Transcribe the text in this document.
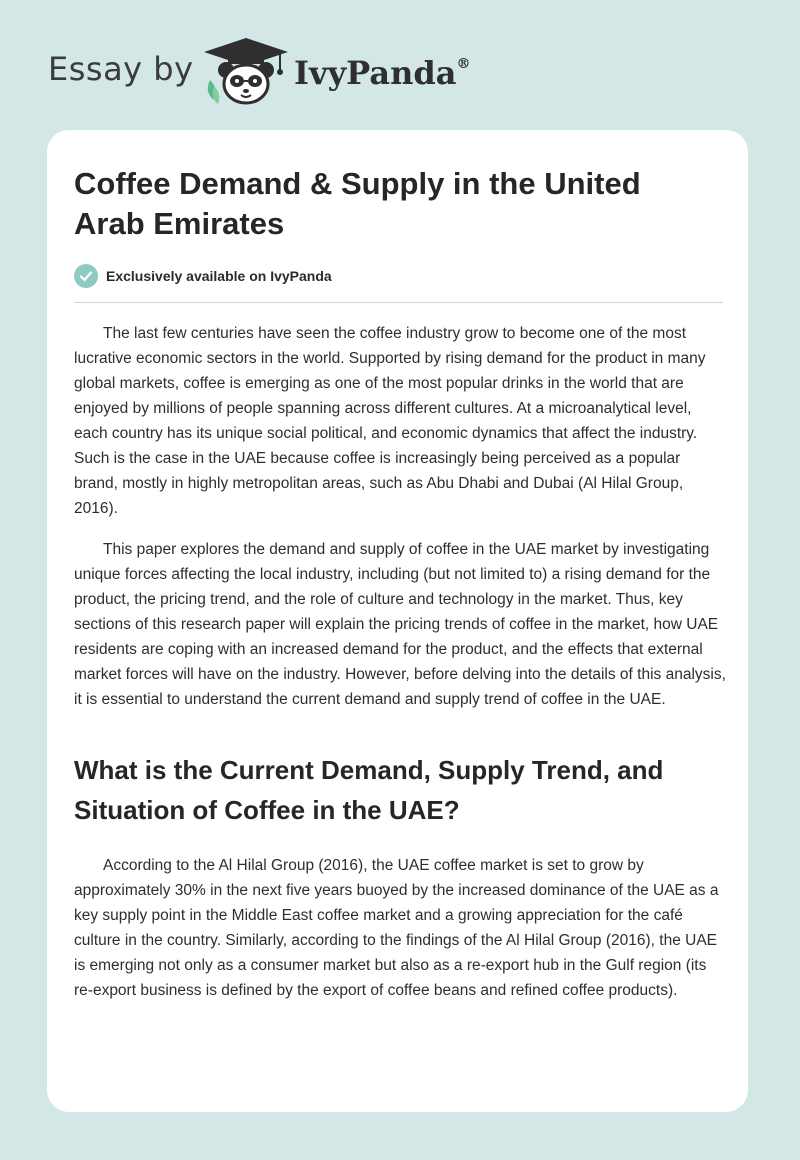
Essay by	IvyPanda®
Coffee Demand & Supply in the United Arab Emirates
Exclusively available on IvyPanda

The last few centuries have seen the coffee industry grow to become one of the most lucrative economic sectors in the world. Supported by rising demand for the product in many global markets, coffee is emerging as one of the most popular drinks in the world that are enjoyed by millions of people spanning across different cultures. At a microanalytical level, each country has its unique social political, and economic dynamics that affect the industry. Such is the case in the UAE because coffee is increasingly being perceived as a popular brand, mostly in highly metropolitan areas, such as Abu Dhabi and Dubai (Al Hilal Group, 2016).

This paper explores the demand and supply of coffee in the UAE market by investigating unique forces affecting the local industry, including (but not limited to) a rising demand for the product, the pricing trend, and the role of culture and technology in the market. Thus, key sections of this research paper will explain the pricing trends of coffee in the market, how UAE residents are coping with an increased demand for the product, and the effects that external market forces will have on the industry. However, before delving into the details of this analysis, it is essential to understand the current demand and supply trend of coffee in the UAE.

What is the Current Demand, Supply Trend, and Situation of Coffee in the UAE?

According to the Al Hilal Group (2016), the UAE coffee market is set to grow by approximately 30% in the next five years buoyed by the increased dominance of the UAE as a key supply point in the Middle East coffee market and a growing appreciation for the café culture in the country. Similarly, according to the findings of the Al Hilal Group (2016), the UAE is emerging not only as a consumer market but also as a re-export hub in the Gulf region (its re-export business is defined by the export of coffee beans and refined coffee products).
